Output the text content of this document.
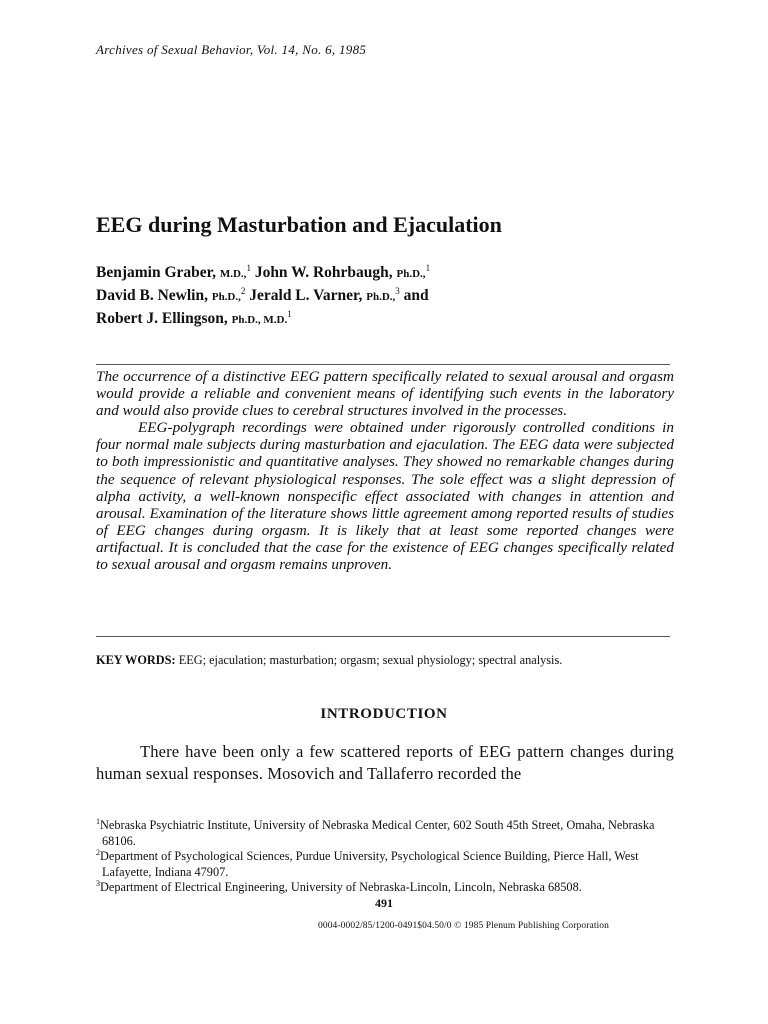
Archives of Sexual Behavior, Vol. 14, No. 6, 1985
EEG during Masturbation and Ejaculation
Benjamin Graber, M.D.,$^1$ John W. Rohrbaugh, Ph.D.,$^1$
David B. Newlin, Ph.D.,$^2$ Jerald L. Varner, Ph.D.,$^3$ and
Robert J. Ellingson, Ph.D., M.D.$^1$

The occurrence of a distinctive EEG pattern specifically related to sexual arousal and orgasm would provide a reliable and convenient means of identifying such events in the laboratory and would also provide clues to cerebral structures involved in the processes.

EEG-polygraph recordings were obtained under rigorously controlled conditions in four normal male subjects during masturbation and ejaculation. The EEG data were subjected to both impressionistic and quantitative analyses. They showed no remarkable changes during the sequence of relevant physiological responses. The sole effect was a slight depression of alpha activity, a well-known nonspecific effect associated with changes in attention and arousal. Examination of the literature shows little agreement among reported results of studies of EEG changes during orgasm. It is likely that at least some reported changes were artifactual. It is concluded that the case for the existence of EEG changes specifically related to sexual arousal and orgasm remains unproven.

KEY WORDS: EEG; ejaculation; masturbation; orgasm; sexual physiology; spectral analysis.
INTRODUCTION

There have been only a few scattered reports of EEG pattern changes during human sexual responses. Mosovich and Tallaferro recorded the

$^1$Nebraska Psychiatric Institute, University of Nebraska Medical Center, 602 South 45th Street, Omaha, Nebraska 68106.
$^2$Department of Psychological Sciences, Purdue University, Psychological Science Building, Pierce Hall, West Lafayette, Indiana 47907.
$^3$Department of Electrical Engineering, University of Nebraska-Lincoln, Lincoln, Nebraska 68508.
491
0004-0002/85/1200-0491$04.50/0 © 1985 Plenum Publishing Corporation
